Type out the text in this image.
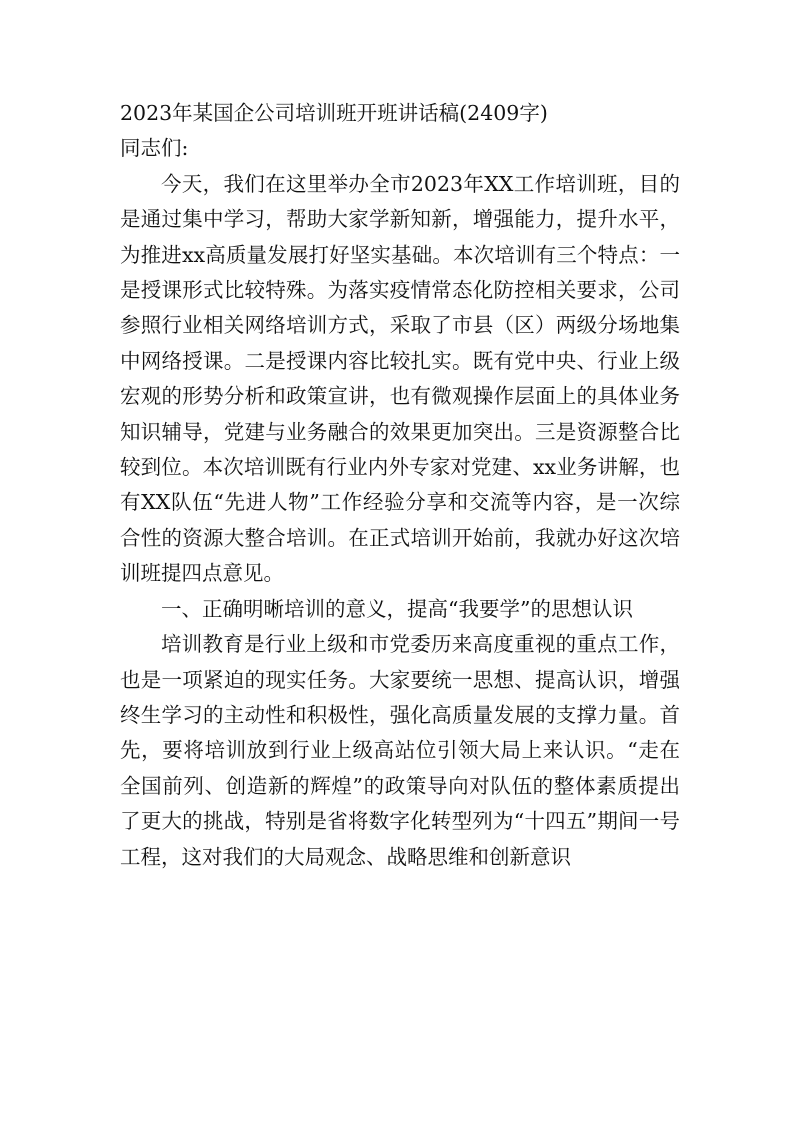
2023年某国企公司培训班开班讲话稿(2409字)

同志们:

今天，我们在这里举办全市2023年XX工作培训班，目的是通过集中学习，帮助大家学新知新，增强能力，提升水平，为推进xx高质量发展打好坚实基础。本次培训有三个特点：一是授课形式比较特殊。为落实疫情常态化防控相关要求，公司参照行业相关网络培训方式，采取了市县（区）两级分场地集中网络授课。二是授课内容比较扎实。既有党中央、行业上级宏观的形势分析和政策宣讲，也有微观操作层面上的具体业务知识辅导，党建与业务融合的效果更加突出。三是资源整合比较到位。本次培训既有行业内外专家对党建、xx业务讲解，也有XX队伍“先进人物”工作经验分享和交流等内容，是一次综合性的资源大整合培训。在正式培训开始前，我就办好这次培训班提四点意见。

一、正确明晰培训的意义，提高“我要学”的思想认识

培训教育是行业上级和市党委历来高度重视的重点工作，也是一项紧迫的现实任务。大家要统一思想、提高认识，增强终生学习的主动性和积极性，强化高质量发展的支撑力量。首先，要将培训放到行业上级高站位引领大局上来认识。“走在全国前列、创造新的辉煌”的政策导向对队伍的整体素质提出了更大的挑战，特别是省将数字化转型列为“十四五”期间一号工程，这对我们的大局观念、战略思维和创新意识
